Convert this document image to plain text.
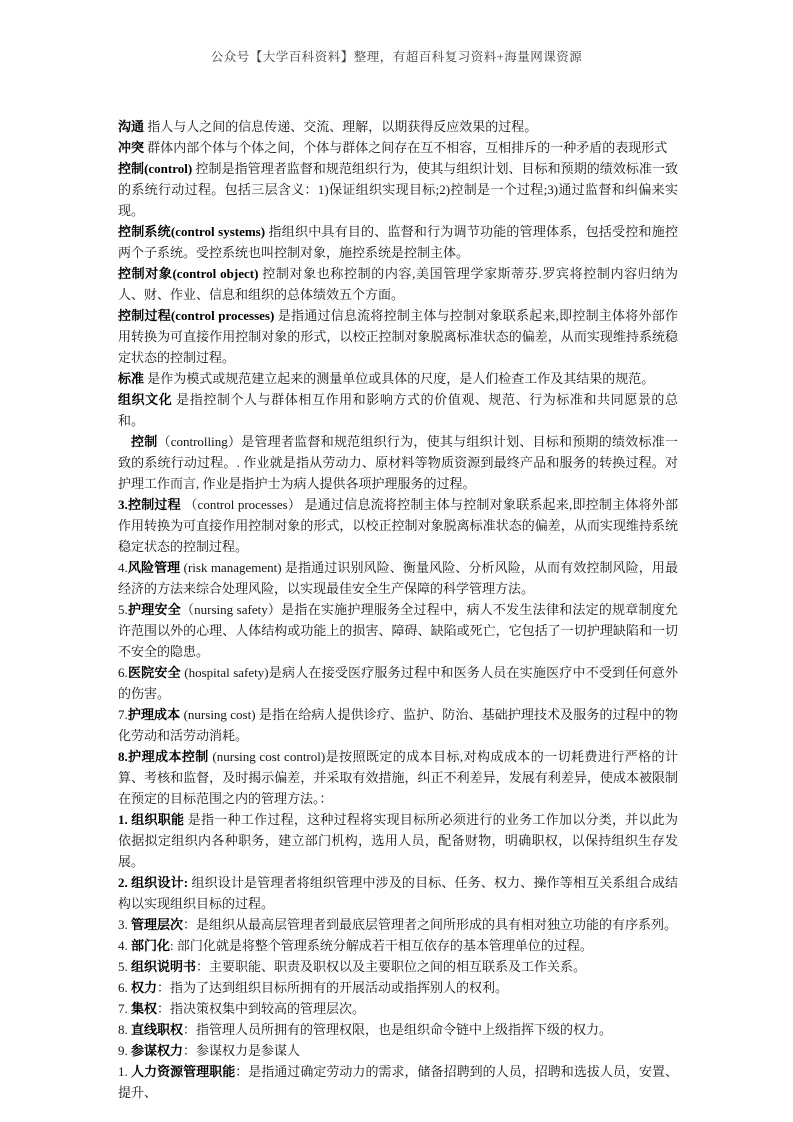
公众号【大学百科资料】整理，有超百科复习资料+海量网课资源

沟通 指人与人之间的信息传递、交流、理解，以期获得反应效果的过程。

冲突 群体内部个体与个体之间，个体与群体之间存在互不相容，互相排斥的一种矛盾的表现形式

控制(control) 控制是指管理者监督和规范组织行为，使其与组织计划、目标和预期的绩效标准一致的系统行动过程。包括三层含义：1)保证组织实现目标;2)控制是一个过程;3)通过监督和纠偏来实现。

控制系统(control systems) 指组织中具有目的、监督和行为调节功能的管理体系，包括受控和施控两个子系统。受控系统也叫控制对象，施控系统是控制主体。

控制对象(control object) 控制对象也称控制的内容,美国管理学家斯蒂芬.罗宾将控制内容归纳为人、财、作业、信息和组织的总体绩效五个方面。

控制过程(control processes) 是指通过信息流将控制主体与控制对象联系起来,即控制主体将外部作用转换为可直接作用控制对象的形式，以校正控制对象脱离标准状态的偏差，从而实现维持系统稳定状态的控制过程。

标准 是作为模式或规范建立起来的测量单位或具体的尺度，是人们检查工作及其结果的规范。

组织文化 是指控制个人与群体相互作用和影响方式的价值观、规范、行为标准和共同愿景的总和。

控制（controlling）是管理者监督和规范组织行为，使其与组织计划、目标和预期的绩效标准一致的系统行动过程。. 作业就是指从劳动力、原材料等物质资源到最终产品和服务的转换过程。对护理工作而言, 作业是指护士为病人提供各项护理服务的过程。

3.控制过程 （control processes） 是通过信息流将控制主体与控制对象联系起来,即控制主体将外部作用转换为可直接作用控制对象的形式，以校正控制对象脱离标准状态的偏差，从而实现维持系统稳定状态的控制过程。

4.风险管理 (risk management) 是指通过识别风险、衡量风险、分析风险，从而有效控制风险，用最经济的方法来综合处理风险，以实现最佳安全生产保障的科学管理方法。

5.护理安全（nursing safety）是指在实施护理服务全过程中，病人不发生法律和法定的规章制度允许范围以外的心理、人体结构或功能上的损害、障碍、缺陷或死亡，它包括了一切护理缺陷和一切不安全的隐患。

6.医院安全 (hospital safety)是病人在接受医疗服务过程中和医务人员在实施医疗中不受到任何意外的伤害。

7.护理成本 (nursing cost) 是指在给病人提供诊疗、监护、防治、基础护理技术及服务的过程中的物化劳动和活劳动消耗。

8.护理成本控制 (nursing cost control)是按照既定的成本目标,对构成成本的一切耗费进行严格的计算、考核和监督，及时揭示偏差，并采取有效措施，纠正不利差异，发展有利差异，使成本被限制在预定的目标范围之内的管理方法。：

1. 组织职能 是指一种工作过程，这种过程将实现目标所必须进行的业务工作加以分类，并以此为依据拟定组织内各种职务，建立部门机构，选用人员，配备财物，明确职权，以保持组织生存发展。

2. 组织设计: 组织设计是管理者将组织管理中涉及的目标、任务、权力、操作等相互关系组合成结构以实现组织目标的过程。

3. 管理层次：是组织从最高层管理者到最底层管理者之间所形成的具有相对独立功能的有序系列。

4. 部门化: 部门化就是将整个管理系统分解成若干相互依存的基本管理单位的过程。

5. 组织说明书：主要职能、职责及职权以及主要职位之间的相互联系及工作关系。

6. 权力：指为了达到组织目标所拥有的开展活动或指挥别人的权利。

7. 集权：指决策权集中到较高的管理层次。

8. 直线职权：指管理人员所拥有的管理权限，也是组织命令链中上级指挥下级的权力。

9. 参谋权力：参谋权力是参谋人

1. 人力资源管理职能：是指通过确定劳动力的需求，储备招聘到的人员，招聘和选拔人员，安置、提升、
